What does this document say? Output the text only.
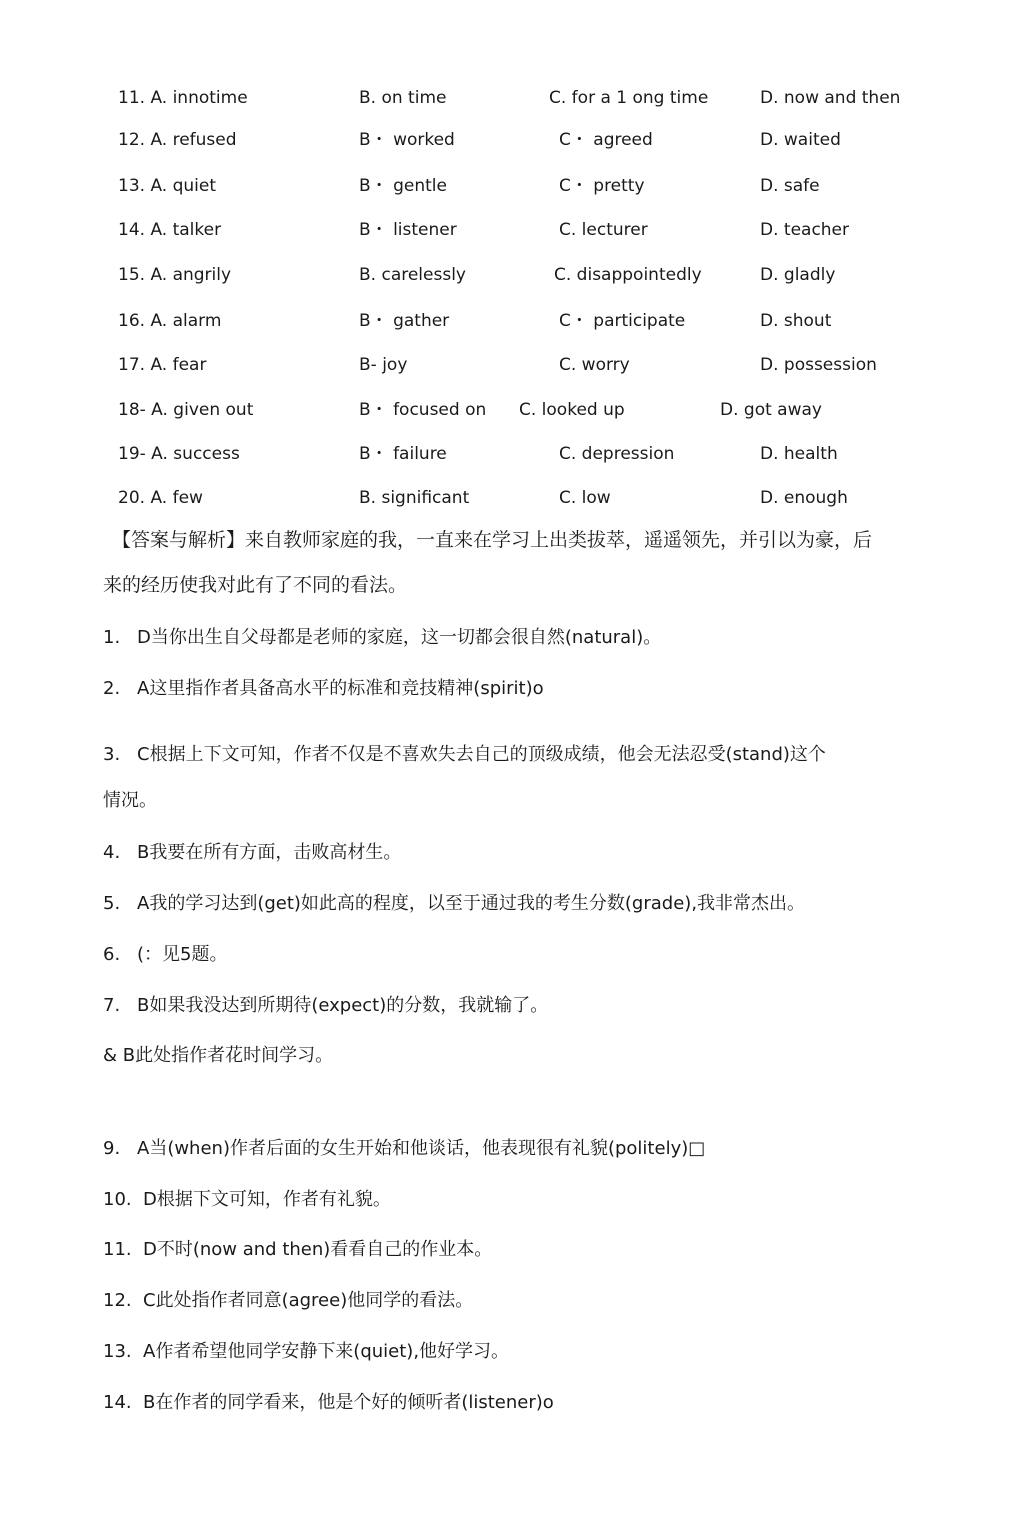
11. A. innotime	B. on time	C. for a 1 ong time	D. now and then
12. A. refused	B・ worked	C・ agreed	D. waited
13. A. quiet	B・ gentle	C・ pretty	D. safe
14. A. talker	B・ listener	C. lecturer	D. teacher
15. A. angrily	B. carelessly	C. disappointedly	D. gladly
16. A. alarm	B・ gather	C・ participate	D. shout
17. A. fear	B- joy	C. worry	D. possession
18- A. given out	B・ focused on C. looked up	D. got away
19- A. success	B・ failure	C. depression	D. health
20. A. few	B. significant	C. low	D. enough
【答案与解析】来自教师家庭的我，一直来在学习上出类拔萃，遥遥领先，并引以为豪，后
来的经历使我对此有了不同的看法。
1. D当你出生自父母都是老师的家庭，这一切都会很自然(natural)。
2. A这里指作者具备高水平的标准和竞技精神(spirit)o
3. C根据上下文可知，作者不仅是不喜欢失去自己的顶级成绩，他会无法忍受(stand)这个
情况。
4. B我要在所有方面，击败高材生。
5. A我的学习达到(get)如此高的程度，以至于通过我的考生分数(grade),我非常杰出。
6. (：见5题。
7. B如果我没达到所期待(expect)的分数，我就输了。
& B此处指作者花时间学习。
9. A当(when)作者后面的女生开始和他谈话，他表现很有礼貌(politely)□
10. D根据下文可知，作者有礼貌。
11. D不时(now and then)看看自己的作业本。
12. C此处指作者同意(agree)他同学的看法。
13. A作者希望他同学安静下来(quiet),他好学习。
14. B在作者的同学看来，他是个好的倾听者(listener)o
